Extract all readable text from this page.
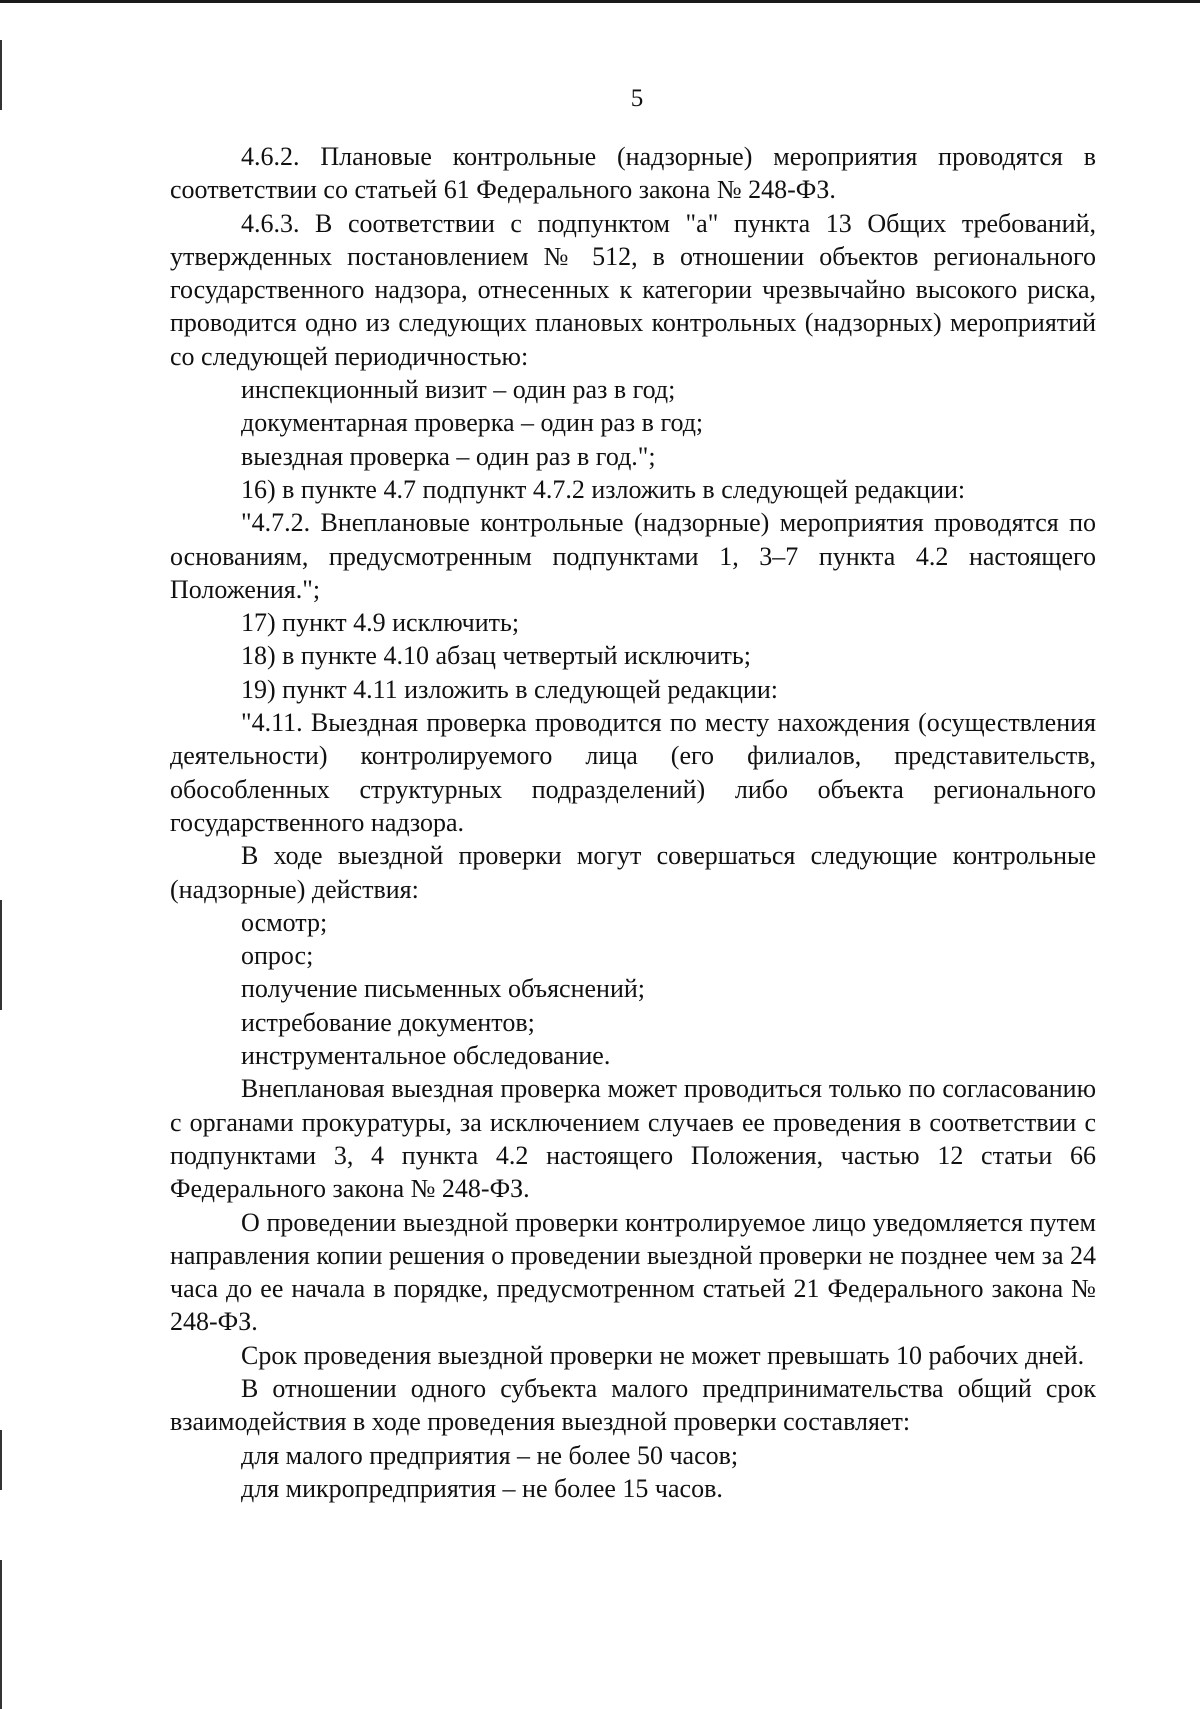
5

4.6.2. Плановые контрольные (надзорные) мероприятия проводятся в соответствии со статьей 61 Федерального закона № 248-ФЗ.

4.6.3. В соответствии с подпунктом "а" пункта 13 Общих требований, утвержденных постановлением № 512, в отношении объектов регионального государственного надзора, отнесенных к категории чрезвычайно высокого риска, проводится одно из следующих плановых контрольных (надзорных) мероприятий со следующей периодичностью:

инспекционный визит – один раз в год;

документарная проверка – один раз в год;

выездная проверка – один раз в год.";

16) в пункте 4.7 подпункт 4.7.2 изложить в следующей редакции:

"4.7.2. Внеплановые контрольные (надзорные) мероприятия проводятся по основаниям, предусмотренным подпунктами 1, 3–7 пункта 4.2 настоящего Положения.";

17) пункт 4.9 исключить;

18) в пункте 4.10 абзац четвертый исключить;

19) пункт 4.11 изложить в следующей редакции:

"4.11. Выездная проверка проводится по месту нахождения (осуществления деятельности) контролируемого лица (его филиалов, представительств, обособленных структурных подразделений) либо объекта регионального государственного надзора.

В ходе выездной проверки могут совершаться следующие контрольные (надзорные) действия:

осмотр;

опрос;

получение письменных объяснений;

истребование документов;

инструментальное обследование.

Внеплановая выездная проверка может проводиться только по согласованию с органами прокуратуры, за исключением случаев ее проведения в соответствии с подпунктами 3, 4 пункта 4.2 настоящего Положения, частью 12 статьи 66 Федерального закона № 248-ФЗ.

О проведении выездной проверки контролируемое лицо уведомляется путем направления копии решения о проведении выездной проверки не позднее чем за 24 часа до ее начала в порядке, предусмотренном статьей 21 Федерального закона № 248-ФЗ.

Срок проведения выездной проверки не может превышать 10 рабочих дней.

В отношении одного субъекта малого предпринимательства общий срок взаимодействия в ходе проведения выездной проверки составляет:

для малого предприятия – не более 50 часов;

для микропредприятия – не более 15 часов.
